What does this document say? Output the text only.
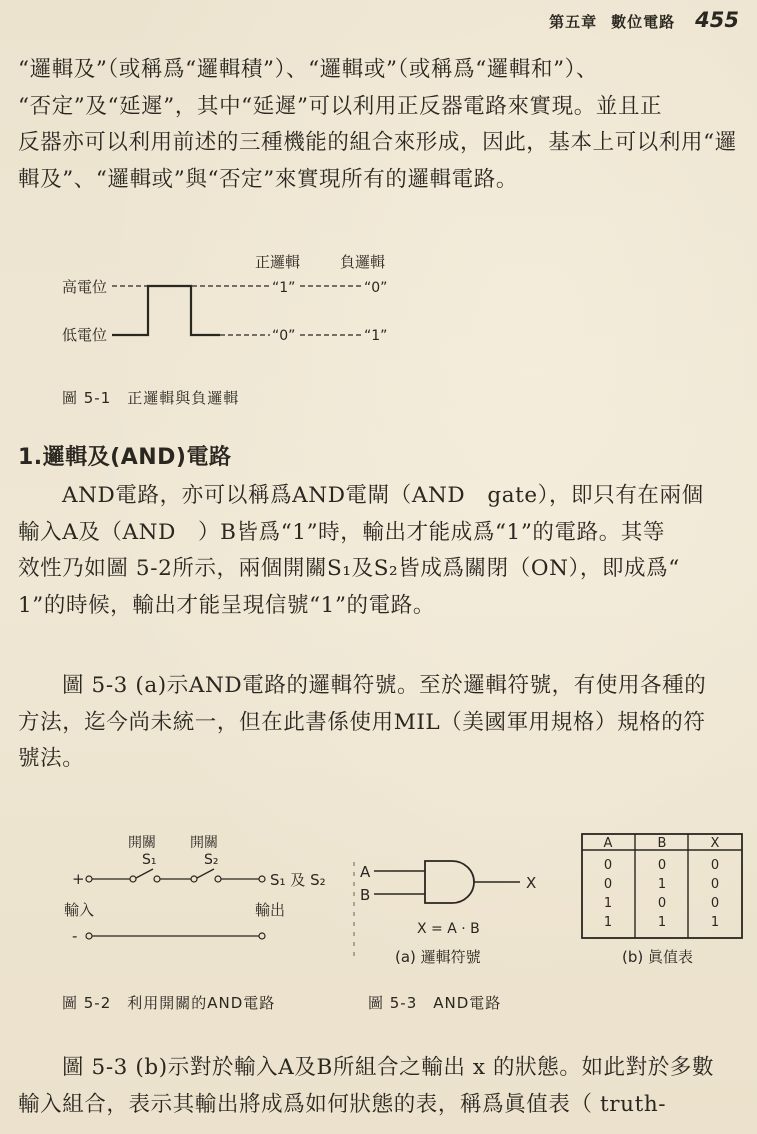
第五章 數位電路 455
“邏輯及”（或稱爲“邏輯積”）、“邏輯或”（或稱爲“邏輯和”）、
“否定”及“延遲”，其中“延遲”可以利用正反器電路來實現。並且正
反器亦可以利用前述的三種機能的組合來形成，因此，基本上可以利用“邏
輯及”、“邏輯或”與“否定”來實現所有的邏輯電路。
正邏輯	負邏輯
高電位
低電位
“1”	“0”
“0”	“1”
圖 5-1　正邏輯與負邏輯
1.邏輯及(AND)電路
AND電路，亦可以稱爲AND電閘（AND　gate），即只有在兩個
輸入A及（AND　）B皆爲“1”時，輸出才能成爲“1”的電路。其等
效性乃如圖 5-2所示，兩個開關S₁及S₂皆成爲關閉（ON），即成爲“
1”的時候，輸出才能呈現信號“1”的電路。
圖 5-3 (a)示AND電路的邏輯符號。至於邏輯符號，有使用各種的
方法，迄今尚未統一，但在此書係使用MIL（美國軍用規格）規格的符
號法。
開關 開關
S₁	S₂
+	S₁ 及 S₂
輸入	輸出
-
圖 5-2　利用開關的AND電路
A
B
X
X = A · B
(a) 邏輯符號
A	B	X
0	0	0
0	1	0
1	0	0
1	1	1
(b) 眞值表
圖 5-3　AND電路
圖 5-3 (b)示對於輸入A及B所組合之輸出 x 的狀態。如此對於多數
輸入組合，表示其輸出將成爲如何狀態的表，稱爲眞值表（ truth-
